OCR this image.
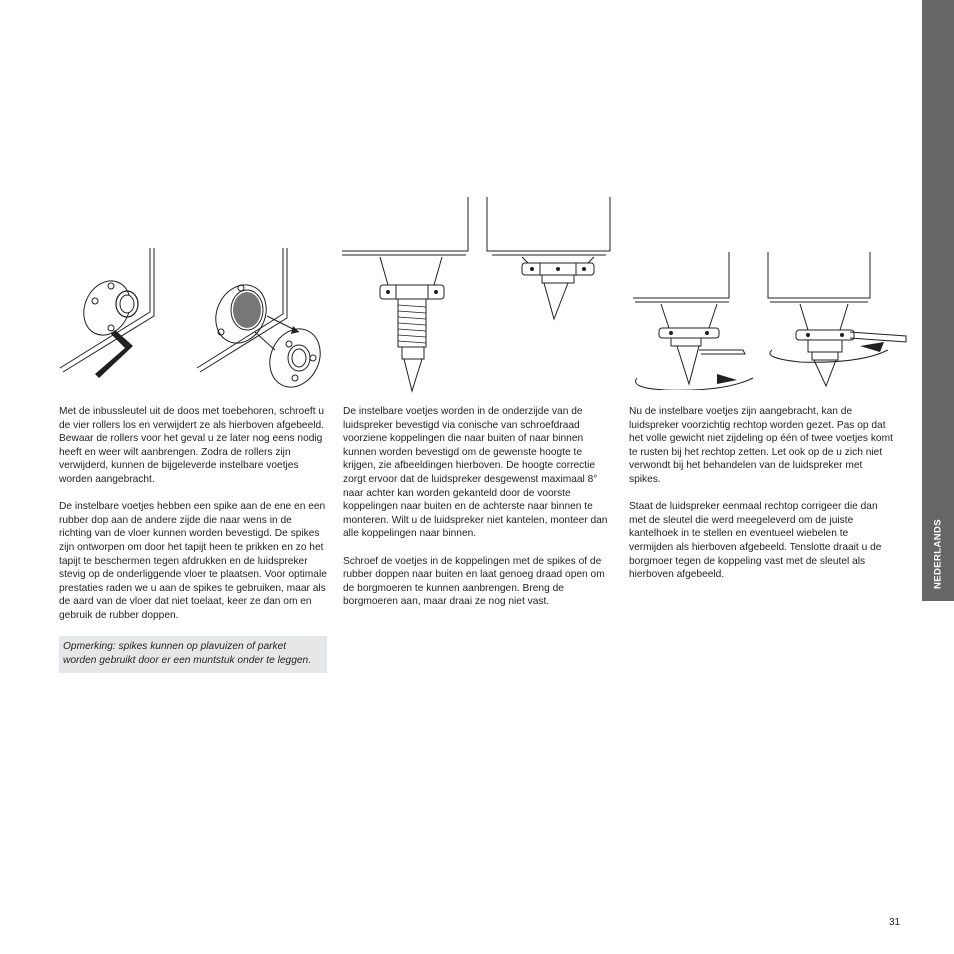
NEDERLANDS

Met de inbussleutel uit de doos met toebehoren, schroeft u de vier rollers los en verwijdert ze als hierboven afgebeeld. Bewaar de rollers voor het geval u ze later nog eens nodig heeft en weer wilt aanbrengen. Zodra de rollers zijn verwijderd, kunnen de bijgeleverde instelbare voetjes worden aangebracht.

De instelbare voetjes hebben een spike aan de ene en een rubber dop aan de andere zijde die naar wens in de richting van de vloer kunnen worden bevestigd. De spikes zijn ontworpen om door het tapijt heen te prikken en zo het tapijt te beschermen tegen afdrukken en de luidspreker stevig op de onderliggende vloer te plaatsen. Voor optimale prestaties raden we u aan de spikes te gebruiken, maar als de aard van de vloer dat niet toelaat, keer ze dan om en gebruik de rubber doppen.

Opmerking: spikes kunnen op plavuizen of parket worden gebruikt door er een muntstuk onder te leggen.

De instelbare voetjes worden in de onderzijde van de luidspreker bevestigd via conische van schroefdraad voorziene koppelingen die naar buiten of naar binnen kunnen worden bevestigd om de gewenste hoogte te krijgen, zie afbeeldingen hierboven. De hoogte correctie zorgt ervoor dat de luidspreker desgewenst maximaal 8° naar achter kan worden gekanteld door de voorste koppelingen naar buiten en de achterste naar binnen te monteren. Wilt u de luidspreker niet kantelen, monteer dan alle koppelingen naar binnen.

Schroef de voetjes in de koppelingen met de spikes of de rubber doppen naar buiten en laat genoeg draad open om de borgmoeren te kunnen aanbrengen. Breng de borgmoeren aan, maar draai ze nog niet vast.

Nu de instelbare voetjes zijn aangebracht, kan de luidspreker voorzichtig rechtop worden gezet. Pas op dat het volle gewicht niet zijdeling op één of twee voetjes komt te rusten bij het rechtop zetten. Let ook op de u zich niet verwondt bij het behandelen van de luidspreker met spikes.

Staat de luidspreker eenmaal rechtop corrigeer die dan met de sleutel die werd meegeleverd om de juiste kantelhoek in te stellen en eventueel wiebelen te vermijden als hierboven afgebeeld. Tenslotte draait u de borgmoer tegen de koppeling vast met de sleutel als hierboven afgebeeld.

31
